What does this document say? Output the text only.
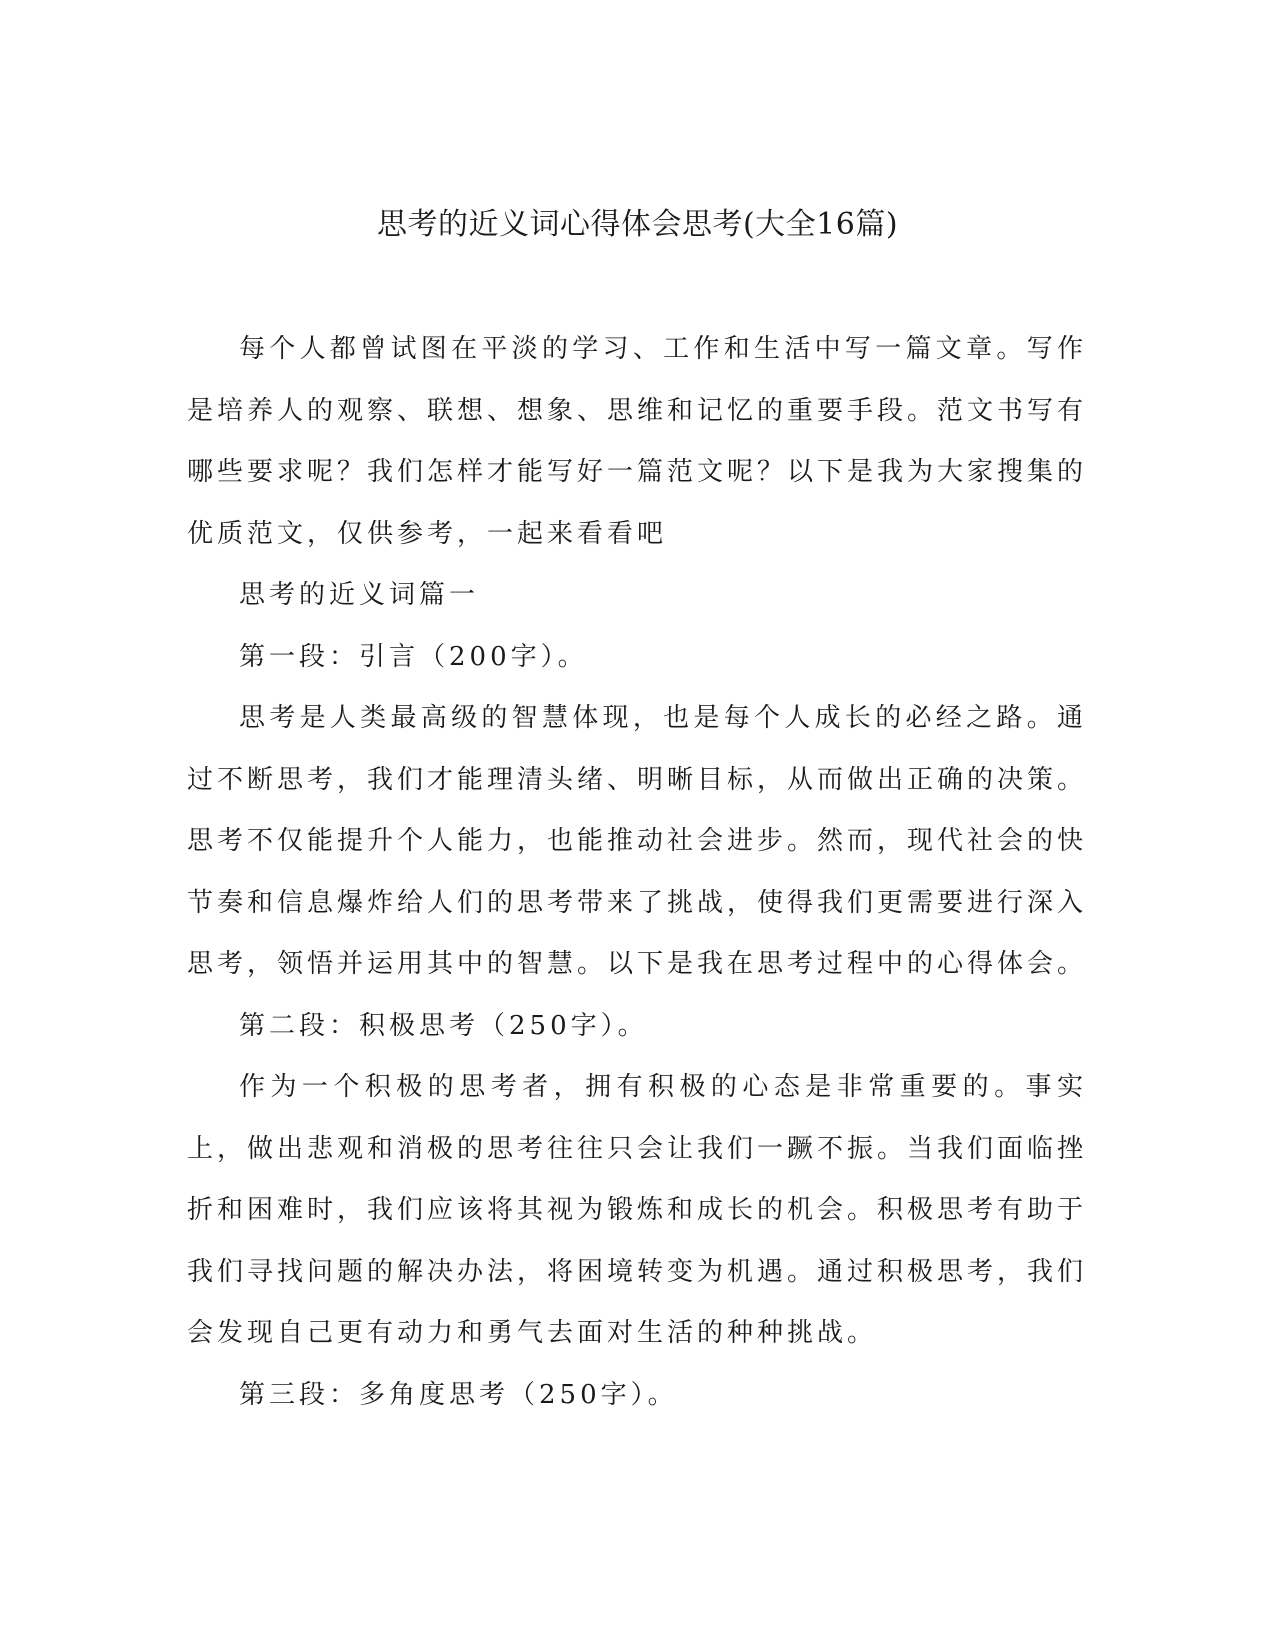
思考的近义词心得体会思考(大全16篇)

每个人都曾试图在平淡的学习、工作和生活中写一篇文章。写作是培养人的观察、联想、想象、思维和记忆的重要手段。范文书写有哪些要求呢？我们怎样才能写好一篇范文呢？以下是我为大家搜集的优质范文，仅供参考，一起来看看吧

思考的近义词篇一

第一段：引言（200字）。

思考是人类最高级的智慧体现，也是每个人成长的必经之路。通过不断思考，我们才能理清头绪、明晰目标，从而做出正确的决策。思考不仅能提升个人能力，也能推动社会进步。然而，现代社会的快节奏和信息爆炸给人们的思考带来了挑战，使得我们更需要进行深入思考，领悟并运用其中的智慧。以下是我在思考过程中的心得体会。

第二段：积极思考（250字）。

作为一个积极的思考者，拥有积极的心态是非常重要的。事实上，做出悲观和消极的思考往往只会让我们一蹶不振。当我们面临挫折和困难时，我们应该将其视为锻炼和成长的机会。积极思考有助于我们寻找问题的解决办法，将困境转变为机遇。通过积极思考，我们会发现自己更有动力和勇气去面对生活的种种挑战。

第三段：多角度思考（250字）。
